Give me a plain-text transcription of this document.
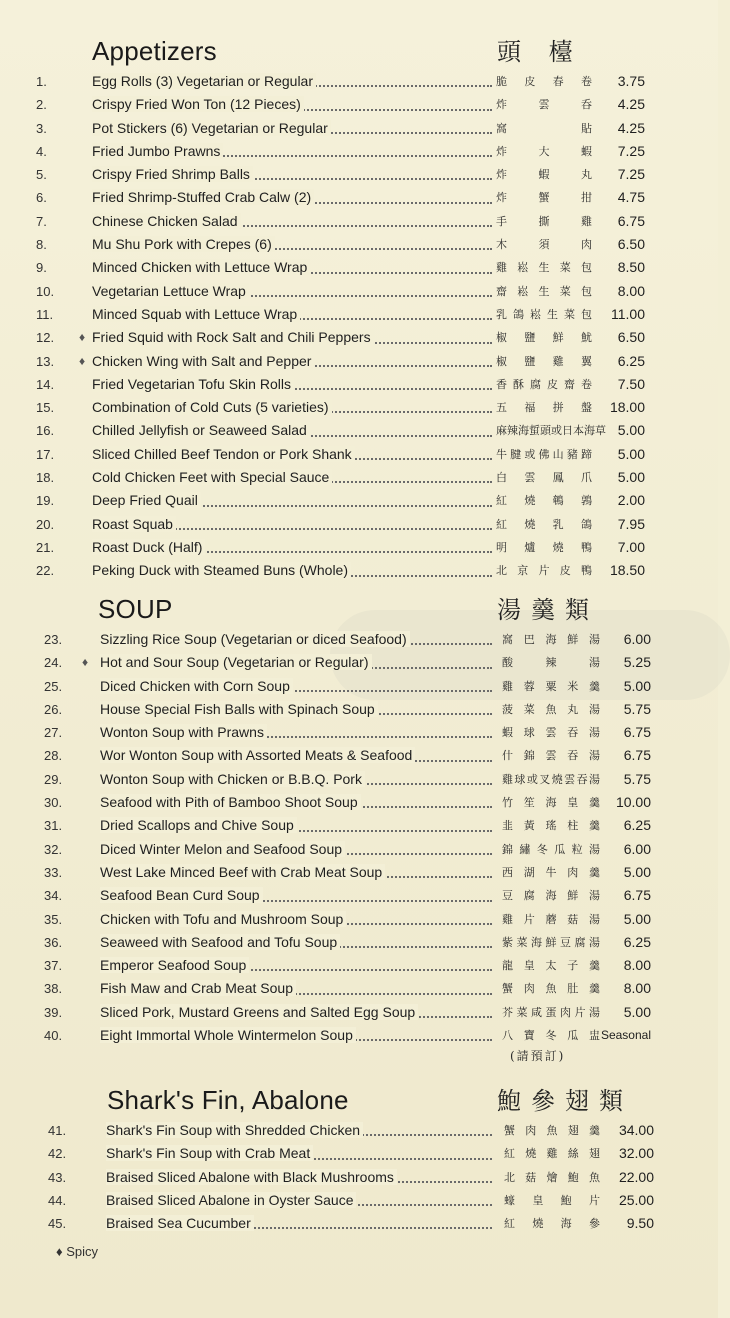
Appetizers	頭 檯
1.	Egg Rolls (3) Vegetarian or Regular	脆皮春卷 3.75
2.	Crispy Fried Won Ton (12 Pieces)	炸 雲 呑 4.25
3.	Pot Stickers (6) Vegetarian or Regular	窩 貼 4.25
4.	Fried Jumbo Prawns	炸 大 蝦 7.25
5.	Crispy Fried Shrimp Balls	炸 蝦 丸 7.25
6.	Fried Shrimp-Stuffed Crab Calw (2)	炸 蟹 拑 4.75
7.	Chinese Chicken Salad	手 撕 雞 6.75
8.	Mu Shu Pork with Crepes (6)	木 須 肉 6.50
9.	Minced Chicken with Lettuce Wrap	雞崧生菜包 8.50
10.	Vegetarian Lettuce Wrap	齋崧生菜包 8.00
11.	Minced Squab with Lettuce Wrap	乳鴿崧生菜包 11.00
12.	♦ Fried Squid with Rock Salt and Chili Peppers	椒 鹽 鮮 魷 6.50
13.	♦ Chicken Wing with Salt and Pepper	椒 鹽 雞 翼 6.25
14.	Fried Vegetarian Tofu Skin Rolls	香酥腐皮齋卷 7.50
15.	Combination of Cold Cuts (5 varieties)	五 福 拼 盤 18.00
16.	Chilled Jellyfish or Seaweed Salad	麻辣海蜇頭或日本海草 5.00
17.	Sliced Chilled Beef Tendon or Pork Shank	牛腱或佛山豬蹄 5.00
18.	Cold Chicken Feet with Special Sauce	白 雲 鳳 爪 5.00
19.	Deep Fried Quail	紅 燒 鵪 鶉 2.00
20.	Roast Squab	紅 燒 乳 鴿 7.95
21.	Roast Duck (Half)	明 爐 燒 鴨 7.00
22.	Peking Duck with Steamed Buns (Whole)	北京片皮鴨 18.50
SOUP	湯羹類
23.	Sizzling Rice Soup (Vegetarian or diced Seafood)	窩巴海鮮湯 6.00
24.	♦ Hot and Sour Soup (Vegetarian or Regular)	酸 辣 湯 5.25
25.	Diced Chicken with Corn Soup	雞蓉粟米羹 5.00
26.	House Special Fish Balls with Spinach Soup	菠菜魚丸湯 5.75
27.	Wonton Soup with Prawns	蝦球雲吞湯 6.75
28.	Wor Wonton Soup with Assorted Meats & Seafood	什錦雲吞湯 6.75
29.	Wonton Soup with Chicken or B.B.Q. Pork	雞球或叉燒雲吞湯 5.75
30.	Seafood with Pith of Bamboo Shoot Soup	竹笙海皇羹 10.00
31.	Dried Scallops and Chive Soup	韭黃瑤柱羹 6.25
32.	Diced Winter Melon and Seafood Soup	錦繡冬瓜粒湯 6.00
33.	West Lake Minced Beef with Crab Meat Soup	西湖牛肉羹 5.00
34.	Seafood Bean Curd Soup	豆腐海鮮湯 6.75
35.	Chicken with Tofu and Mushroom Soup	雞片蘑菇湯 5.00
36.	Seaweed with Seafood and Tofu Soup	紫菜海鮮豆腐湯 6.25
37.	Emperor Seafood Soup	龍皇太子羹 8.00
38.	Fish Maw and Crab Meat Soup	蟹肉魚肚羹 8.00
39.	Sliced Pork, Mustard Greens and Salted Egg Soup	芥菜咸蛋肉片湯 5.00
40.	Eight Immortal Whole Wintermelon Soup	八寶冬瓜盅 Seasonal
(請預訂)
Shark's Fin, Abalone	鮑參翅類
41.	Shark's Fin Soup with Shredded Chicken	蟹肉魚翅羹 34.00
42.	Shark's Fin Soup with Crab Meat	紅燒雞絲翅 32.00
43.	Braised Sliced Abalone with Black Mushrooms	北菇燴鮑魚 22.00
44.	Braised Sliced Abalone in Oyster Sauce	蠔皇鮑片 25.00
45.	Braised Sea Cucumber	紅燒海參 9.50
♦ Spicy
